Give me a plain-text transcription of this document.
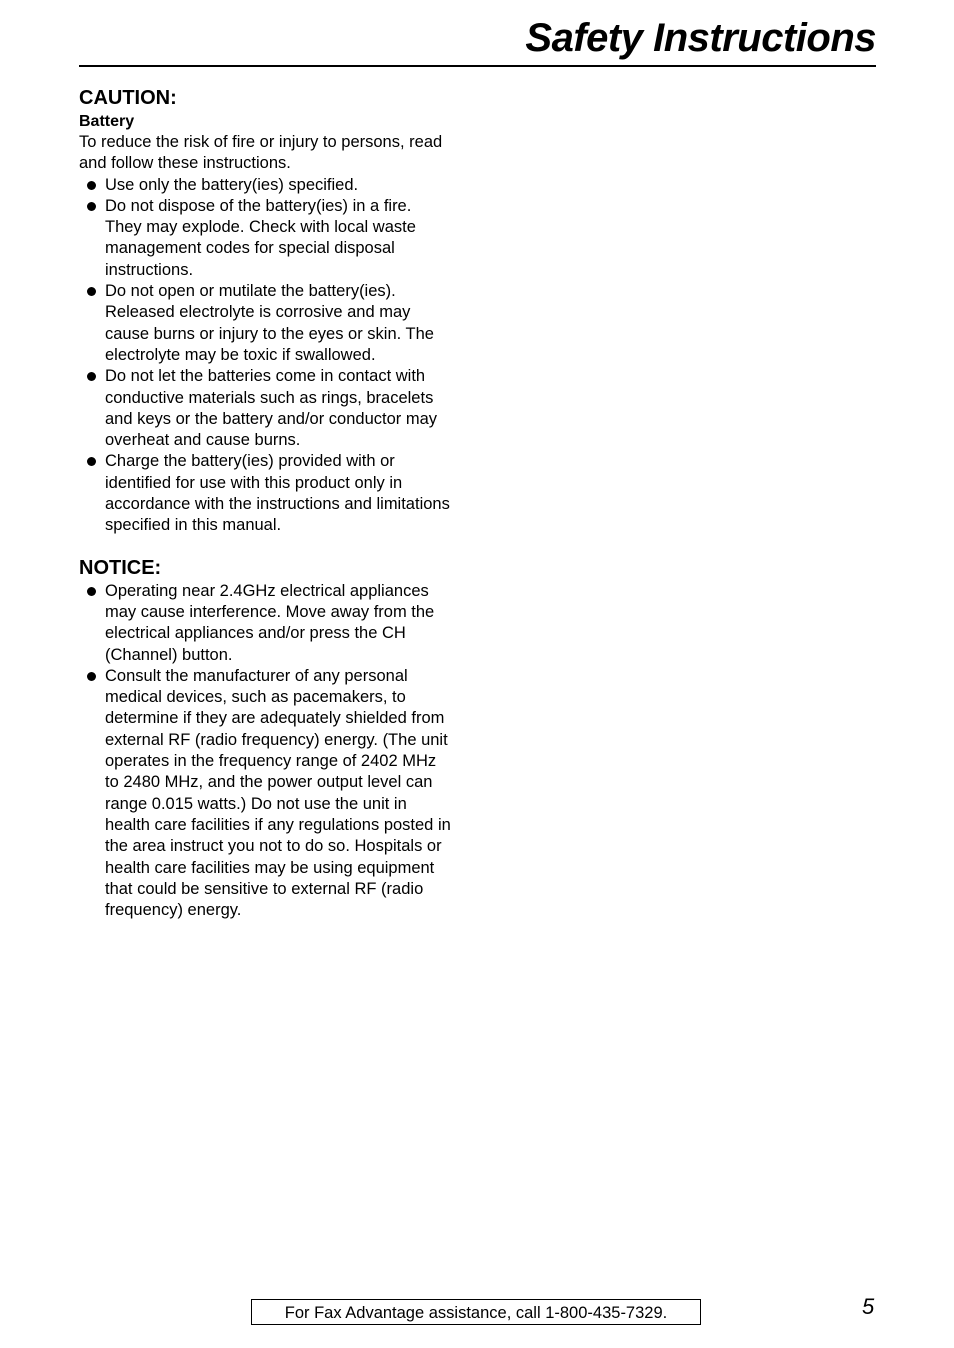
Safety Instructions
CAUTION:
Battery

To reduce the risk of fire or injury to persons, read and follow these instructions.

Use only the battery(ies) specified.
Do not dispose of the battery(ies) in a fire. They may explode. Check with local waste management codes for special disposal instructions.
Do not open or mutilate the battery(ies). Released electrolyte is corrosive and may cause burns or injury to the eyes or skin. The electrolyte may be toxic if swallowed.
Do not let the batteries come in contact with conductive materials such as rings, bracelets and keys or the battery and/or conductor may overheat and cause burns.
Charge the battery(ies) provided with or identified for use with this product only in accordance with the instructions and limitations specified in this manual.
NOTICE:
Operating near 2.4GHz electrical appliances may cause interference. Move away from the electrical appliances and/or press the CH (Channel) button.
Consult the manufacturer of any personal medical devices, such as pacemakers, to determine if they are adequately shielded from external RF (radio frequency) energy. (The unit operates in the frequency range of 2402 MHz to 2480 MHz, and the power output level can range 0.015 watts.) Do not use the unit in health care facilities if any regulations posted in the area instruct you not to do so. Hospitals or health care facilities may be using equipment that could be sensitive to external RF (radio frequency) energy.
For Fax Advantage assistance, call 1-800-435-7329.	5
